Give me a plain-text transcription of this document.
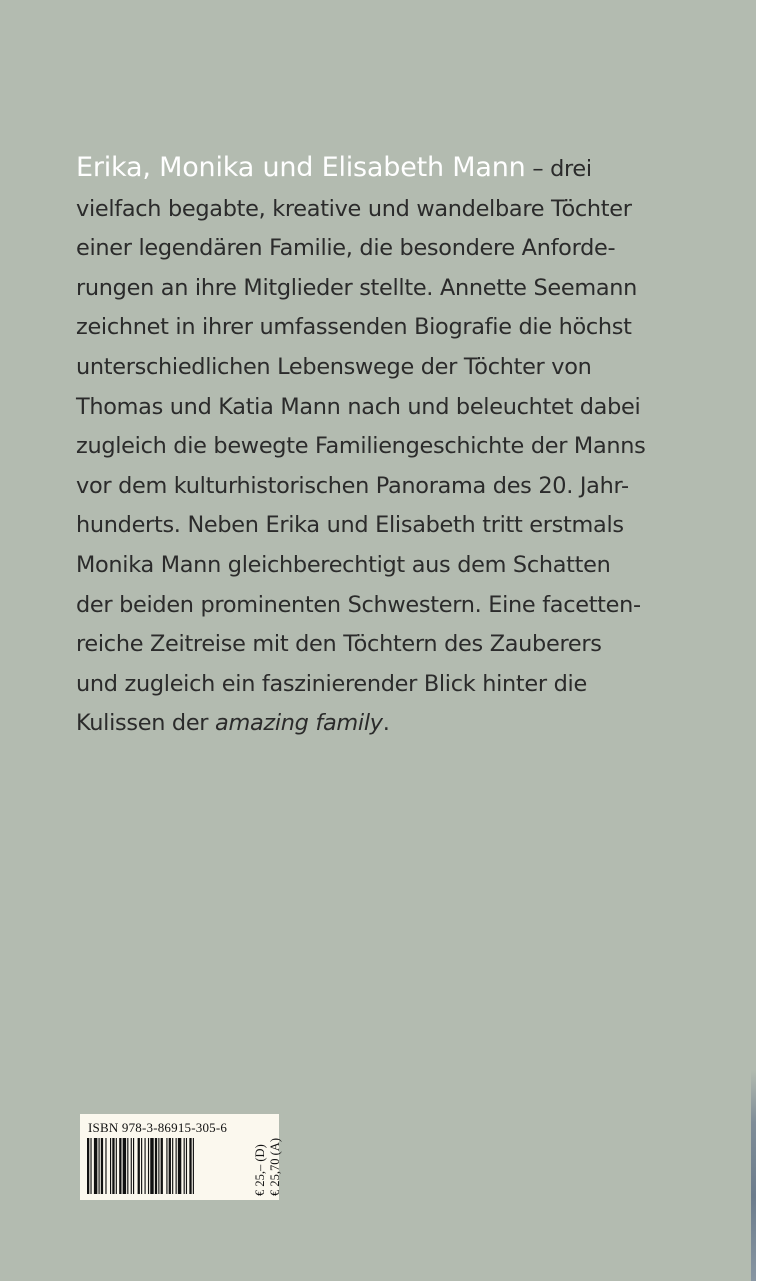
Erika, Monika und Elisabeth Mann – drei
vielfach begabte, kreative und wandelbare Töchter
einer legendären Familie, die besondere Anforde-
rungen an ihre Mitglieder stellte. Annette Seemann
zeichnet in ihrer umfassenden Biografie die höchst
unterschiedlichen Lebenswege der Töchter von
Thomas und Katia Mann nach und beleuchtet dabei
zugleich die bewegte Familiengeschichte der Manns
vor dem kulturhistorischen Panorama des 20. Jahr-
hunderts. Neben Erika und Elisabeth tritt erstmals
Monika Mann gleichberechtigt aus dem Schatten
der beiden prominenten Schwestern. Eine facetten-
reiche Zeitreise mit den Töchtern des Zauberers
und zugleich ein faszinierender Blick hinter die
Kulissen der amazing family.
ISBN 978-3-86915-305-6
€ 25,– (D) € 25,70 (A)
